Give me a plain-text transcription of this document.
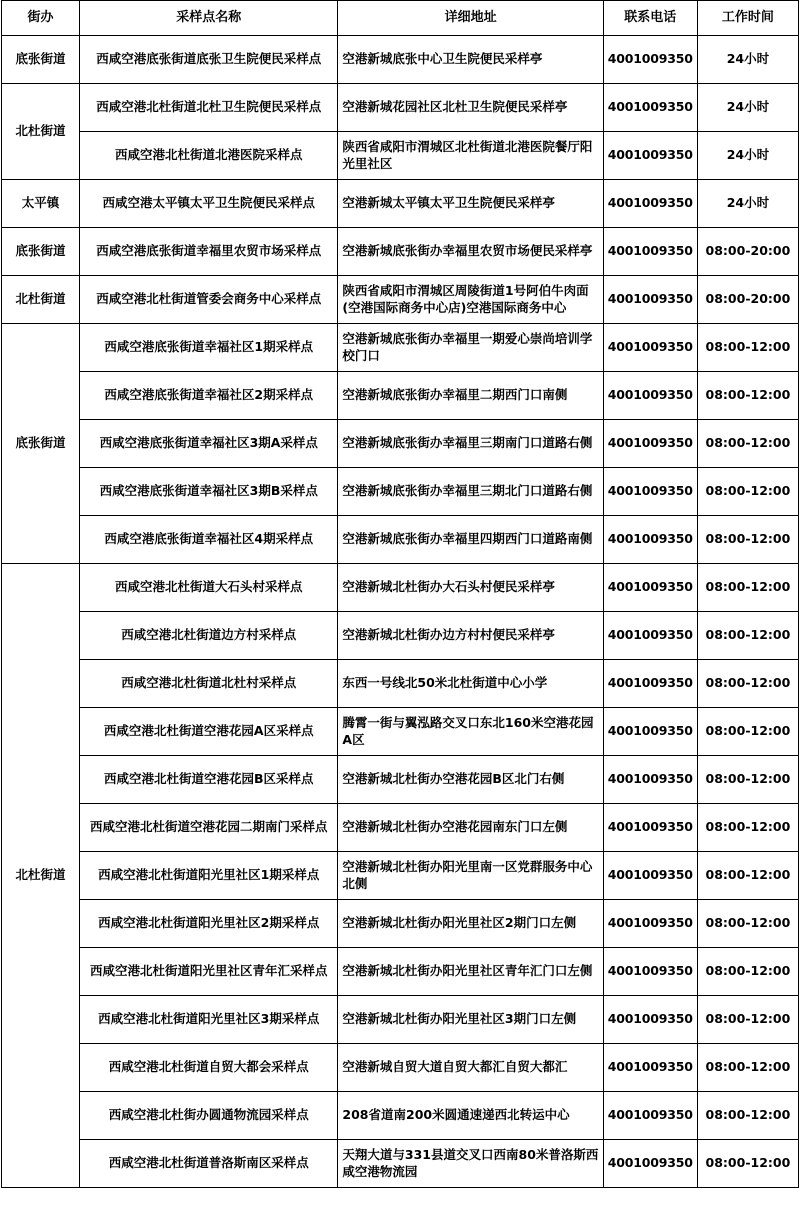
街办	采样点名称	详细地址	联系电话	工作时间
底张街道	西咸空港底张街道底张卫生院便民采样点	空港新城底张中心卫生院便民采样亭	4001009350	24小时
北杜街道	西咸空港北杜街道北杜卫生院便民采样点	空港新城花园社区北杜卫生院便民采样亭	4001009350	24小时
	西咸空港北杜街道北港医院采样点	陕西省咸阳市渭城区北杜街道北港医院餐厅阳光里社区	4001009350	24小时
太平镇	西咸空港太平镇太平卫生院便民采样点	空港新城太平镇太平卫生院便民采样亭	4001009350	24小时
底张街道	西咸空港底张街道幸福里农贸市场采样点	空港新城底张街办幸福里农贸市场便民采样亭	4001009350	08:00-20:00
北杜街道	西咸空港北杜街道管委会商务中心采样点	陕西省咸阳市渭城区周陵街道1号阿伯牛肉面(空港国际商务中心店)空港国际商务中心	4001009350	08:00-20:00
底张街道	西咸空港底张街道幸福社区1期采样点	空港新城底张街办幸福里一期爱心崇尚培训学校门口	4001009350	08:00-12:00
	西咸空港底张街道幸福社区2期采样点	空港新城底张街办幸福里二期西门口南侧	4001009350	08:00-12:00
	西咸空港底张街道幸福社区3期A采样点	空港新城底张街办幸福里三期南门口道路右侧	4001009350	08:00-12:00
	西咸空港底张街道幸福社区3期B采样点	空港新城底张街办幸福里三期北门口道路右侧	4001009350	08:00-12:00
	西咸空港底张街道幸福社区4期采样点	空港新城底张街办幸福里四期西门口道路南侧	4001009350	08:00-12:00
北杜街道	西咸空港北杜街道大石头村采样点	空港新城北杜街办大石头村便民采样亭	4001009350	08:00-12:00
	西咸空港北杜街道边方村采样点	空港新城北杜街办边方村村便民采样亭	4001009350	08:00-12:00
	西咸空港北杜街道北杜村采样点	东西一号线北50米北杜街道中心小学	4001009350	08:00-12:00
	西咸空港北杜街道空港花园A区采样点	腾霄一街与翼泓路交叉口东北160米空港花园A区	4001009350	08:00-12:00
	西咸空港北杜街道空港花园B区采样点	空港新城北杜街办空港花园B区北门右侧	4001009350	08:00-12:00
	西咸空港北杜街道空港花园二期南门采样点	空港新城北杜街办空港花园南东门口左侧	4001009350	08:00-12:00
	西咸空港北杜街道阳光里社区1期采样点	空港新城北杜街办阳光里南一区党群服务中心北侧	4001009350	08:00-12:00
	西咸空港北杜街道阳光里社区2期采样点	空港新城北杜街办阳光里社区2期门口左侧	4001009350	08:00-12:00
	西咸空港北杜街道阳光里社区青年汇采样点	空港新城北杜街办阳光里社区青年汇门口左侧	4001009350	08:00-12:00
	西咸空港北杜街道阳光里社区3期采样点	空港新城北杜街办阳光里社区3期门口左侧	4001009350	08:00-12:00
	西咸空港北杜街道自贸大都会采样点	空港新城自贸大道自贸大都汇自贸大都汇	4001009350	08:00-12:00
	西咸空港北杜街办圆通物流园采样点	208省道南200米圆通速递西北转运中心	4001009350	08:00-12:00
	西咸空港北杜街道普洛斯南区采样点	天翔大道与331县道交叉口西南80米普洛斯西咸空港物流园	4001009350	08:00-12:00
